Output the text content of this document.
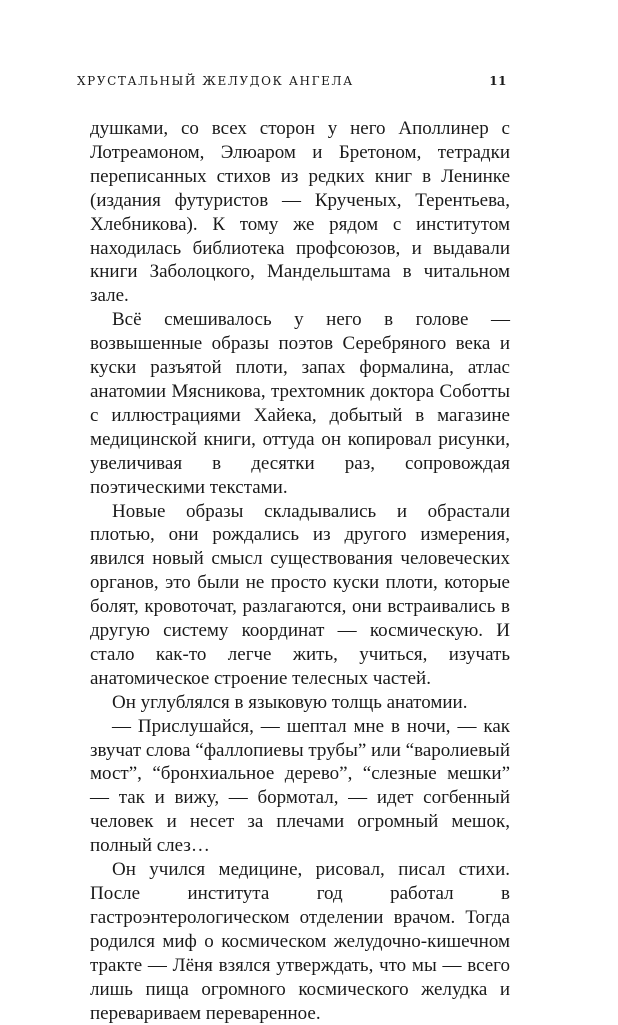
ХРУСТАЛЬНЫЙ ЖЕЛУДОК АНГЕЛА	11

душками, со всех сторон у него Аполлинер с Лотреамоном, Элюаром и Бретоном, тетрадки переписанных стихов из редких книг в Ленинке (издания футуристов — Крученых, Терентьева, Хлебникова). К тому же рядом с институтом находилась библиотека профсоюзов, и выдавали книги Заболоцкого, Мандельштама в читальном зале.

Всё смешивалось у него в голове — возвышенные образы поэтов Серебряного века и куски разъятой плоти, запах формалина, атлас анатомии Мясникова, трехтомник доктора Соботты с иллюстрациями Хайека, добытый в магазине медицинской книги, оттуда он копировал рисунки, увеличивая в десятки раз, сопровождая поэтическими текстами.

Новые образы складывались и обрастали плотью, они рождались из другого измерения, явился новый смысл существования человеческих органов, это были не просто куски плоти, которые болят, кровоточат, разлагаются, они встраивались в другую систему координат — космическую. И стало как-то легче жить, учиться, изучать анатомическое строение телесных частей.

Он углублялся в языковую толщь анатомии.

— Прислушайся, — шептал мне в ночи, — как звучат слова “фаллопиевы трубы” или “варолиевый мост”, “бронхиальное дерево”, “слезные мешки” — так и вижу, — бормотал, — идет согбенный человек и несет за плечами огромный мешок, полный слез…

Он учился медицине, рисовал, писал стихи. После института год работал в гастроэнтерологическом отделении врачом. Тогда родился миф о космическом желудочно-кишечном тракте — Лёня взялся утверждать, что мы — всего лишь пища огромного космического желудка и перевариваем переваренное.
